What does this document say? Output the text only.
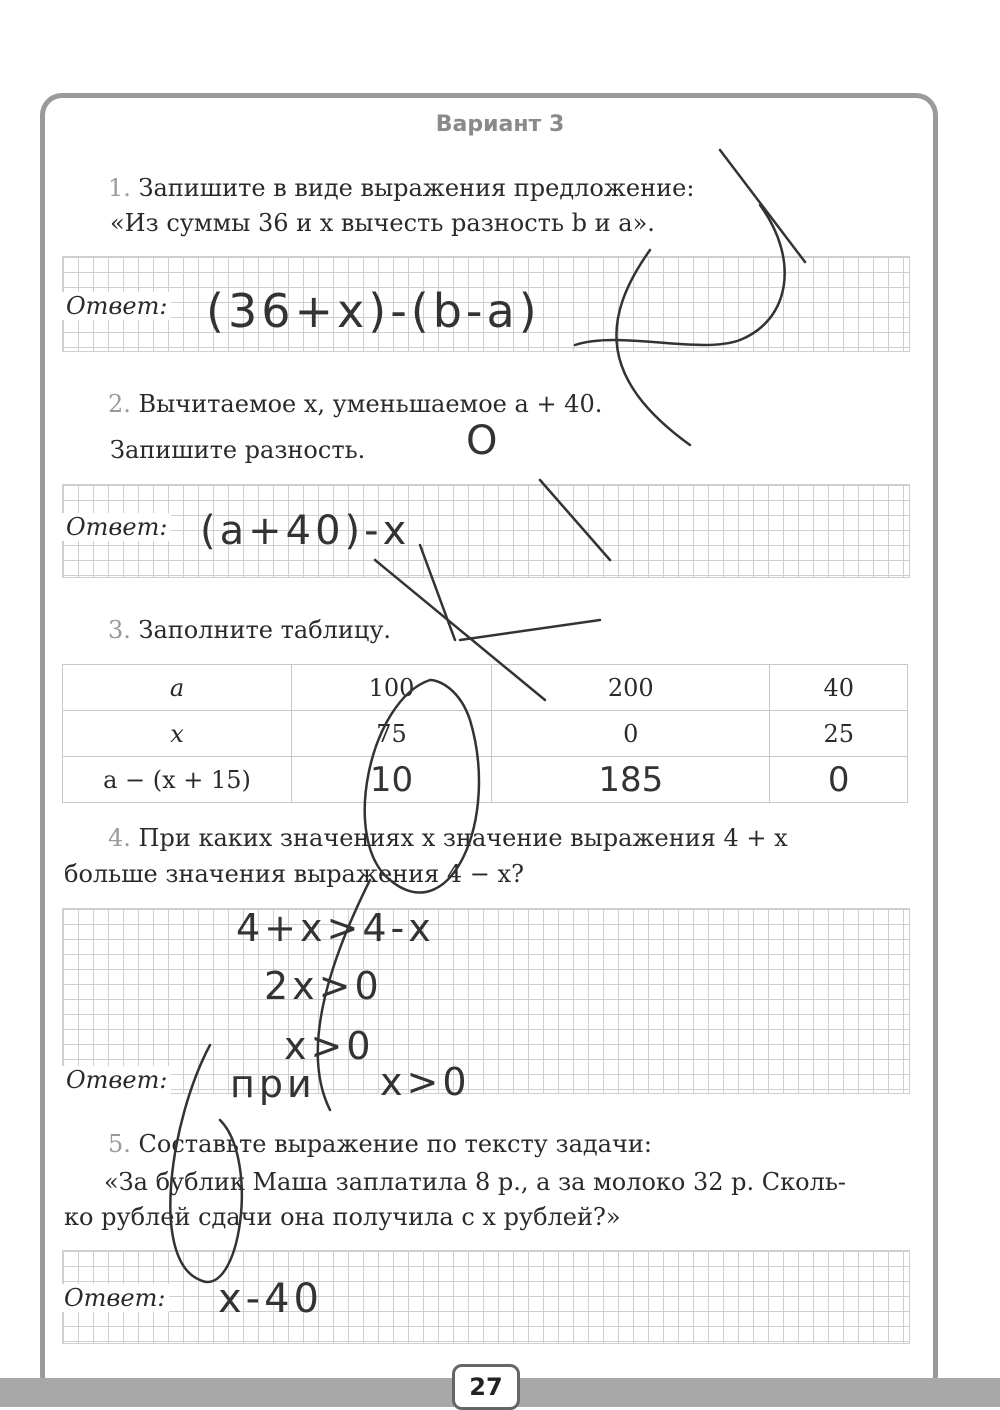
Вариант 3
1. Запишите в виде выражения предложение:
«Из суммы 36 и x вычесть разность b и a».
Ответ: (36+x)-(b-a)
2. Вычитаемое x, уменьшаемое a + 40.
Запишите разность.
Ответ: (a+40)-x
O
3. Заполните таблицу.
a	100	200	40
x	75	0	25
a − (x + 15)	10	185	0
4. При каких значениях x значение выражения 4 + x
больше значения выражения 4 − x?
4+x>4-x
2x>0
x>0
Ответ: при x>0
5. Составьте выражение по тексту задачи:
«За бублик Маша заплатила 8 р., а за молоко 32 р. Сколь-
ко рублей сдачи она получила с x рублей?»
Ответ: x-40
27
